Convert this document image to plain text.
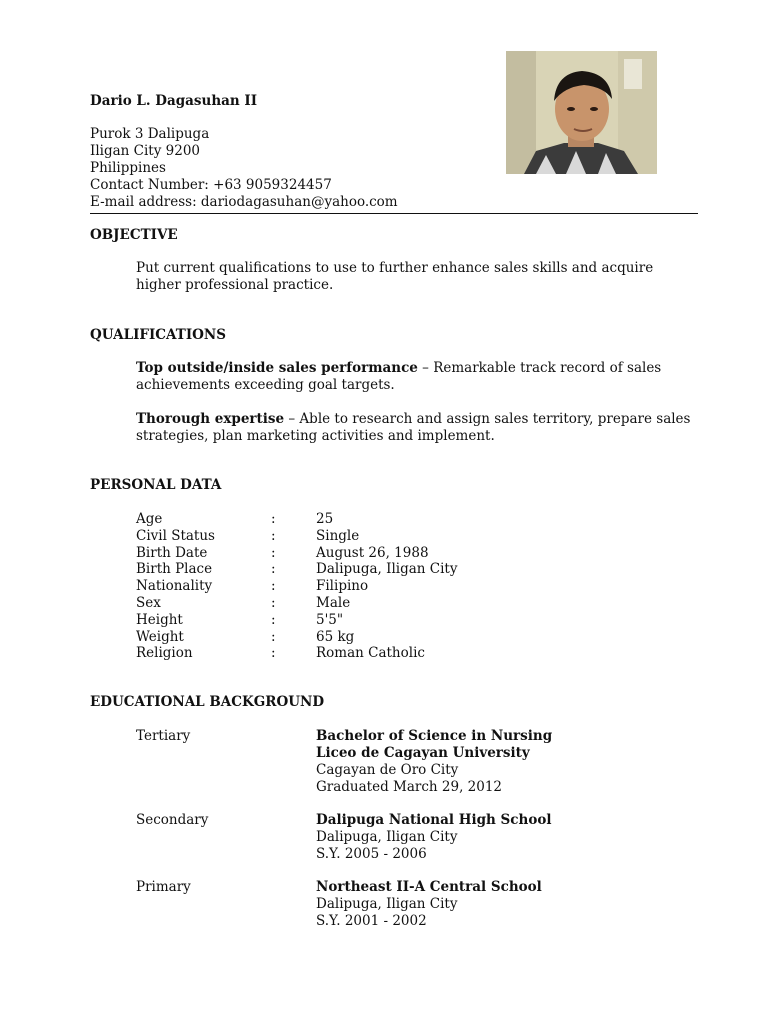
Dario L. Dagasuhan II
Purok 3 Dalipuga
Iligan City 9200
Philippines
Contact Number: +63 9059324457
E-mail address: dariodagasuhan@yahoo.com
OBJECTIVE
Put current qualifications to use to further enhance sales skills and acquire
higher professional practice.
QUALIFICATIONS
Top outside/inside sales performance – Remarkable track record of sales
achievements exceeding goal targets.
Thorough expertise – Able to research and assign sales territory, prepare sales
strategies, plan marketing activities and implement.
PERSONAL DATA
Age	:	25
Civil Status	:	Single
Birth Date	:	August 26, 1988
Birth Place	:	Dalipuga, Iligan City
Nationality	:	Filipino
Sex	:	Male
Height	:	5'5"
Weight	:	65 kg
Religion	:	Roman Catholic
EDUCATIONAL BACKGROUND
Tertiary	Bachelor of Science in Nursing
Liceo de Cagayan University
Cagayan de Oro City
Graduated March 29, 2012
Secondary	Dalipuga National High School
Dalipuga, Iligan City
S.Y. 2005 - 2006
Primary	Northeast II-A Central School
Dalipuga, Iligan City
S.Y. 2001 - 2002
